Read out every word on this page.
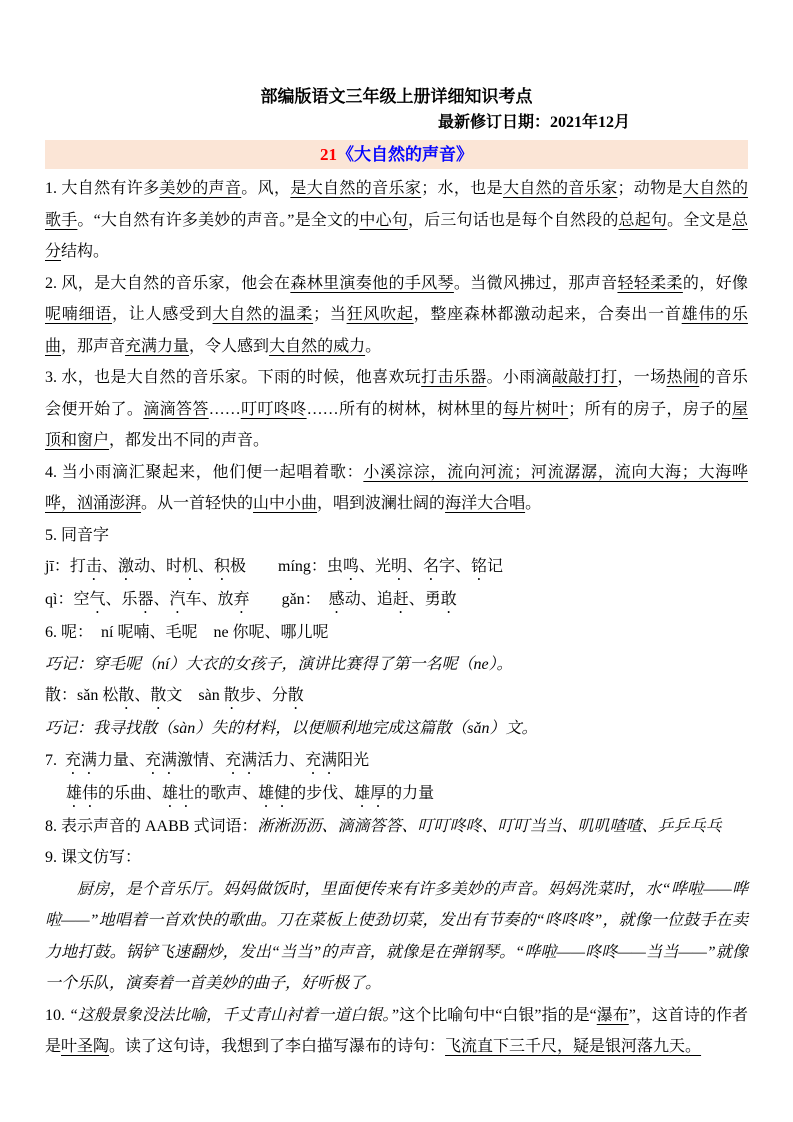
部编版语文三年级上册详细知识考点
最新修订日期：2021年12月
21《大自然的声音》

1. 大自然有许多美妙的声音。风，是大自然的音乐家；水，也是大自然的音乐家；动物是大自然的歌手。“大自然有许多美妙的声音。”是全文的中心句，后三句话也是每个自然段的总起句。全文是总分结构。

2. 风，是大自然的音乐家，他会在森林里演奏他的手风琴。当微风拂过，那声音轻轻柔柔的，好像呢喃细语，让人感受到大自然的温柔；当狂风吹起，整座森林都激动起来，合奏出一首雄伟的乐曲，那声音充满力量，令人感到大自然的威力。

3. 水，也是大自然的音乐家。下雨的时候，他喜欢玩打击乐器。小雨滴敲敲打打，一场热闹的音乐会便开始了。滴滴答答……叮叮咚咚……所有的树林，树林里的每片树叶；所有的房子，房子的屋顶和窗户，都发出不同的声音。

4. 当小雨滴汇聚起来，他们便一起唱着歌：小溪淙淙，流向河流；河流潺潺，流向大海；大海哗哗，汹涌澎湃。从一首轻快的山中小曲，唱到波澜壮阔的海洋大合唱。

5. 同音字

jī：打击、激动、时机、积极　　míng：虫鸣、光明、名字、铭记

qì：空气、乐器、汽车、放弃　　gǎn：　感动、追赶、勇敢

6. 呢：　ní 呢喃、毛呢　ne 你呢、哪儿呢

巧记：穿毛呢（ní）大衣的女孩子，演讲比赛得了第一名呢（ne）。

散：sǎn 松散、散文　sàn 散步、分散

巧记：我寻找散（sàn）失的材料，以便顺利地完成这篇散（sǎn）文。

7.  充满力量、充满激情、充满活力、充满阳光

雄伟的乐曲、雄壮的歌声、雄健的步伐、雄厚的力量

8. 表示声音的 AABB 式词语：淅淅沥沥、滴滴答答、叮叮咚咚、叮叮当当、叽叽喳喳、乒乒乓乓

9. 课文仿写：

厨房，是个音乐厅。妈妈做饭时，里面便传来有许多美妙的声音。妈妈洗菜时，水“哗啦——哗啦——”地唱着一首欢快的歌曲。刀在菜板上使劲切菜，发出有节奏的“咚咚咚”，就像一位鼓手在卖力地打鼓。锅铲飞速翻炒，发出“当当”的声音，就像是在弹钢琴。“哗啦——咚咚——当当——”就像一个乐队，演奏着一首美妙的曲子，好听极了。

10. “这般景象没法比喻，千丈青山衬着一道白银。”这个比喻句中“白银”指的是“瀑布”，这首诗的作者是叶圣陶。读了这句诗，我想到了李白描写瀑布的诗句：飞流直下三千尺，疑是银河落九天。
